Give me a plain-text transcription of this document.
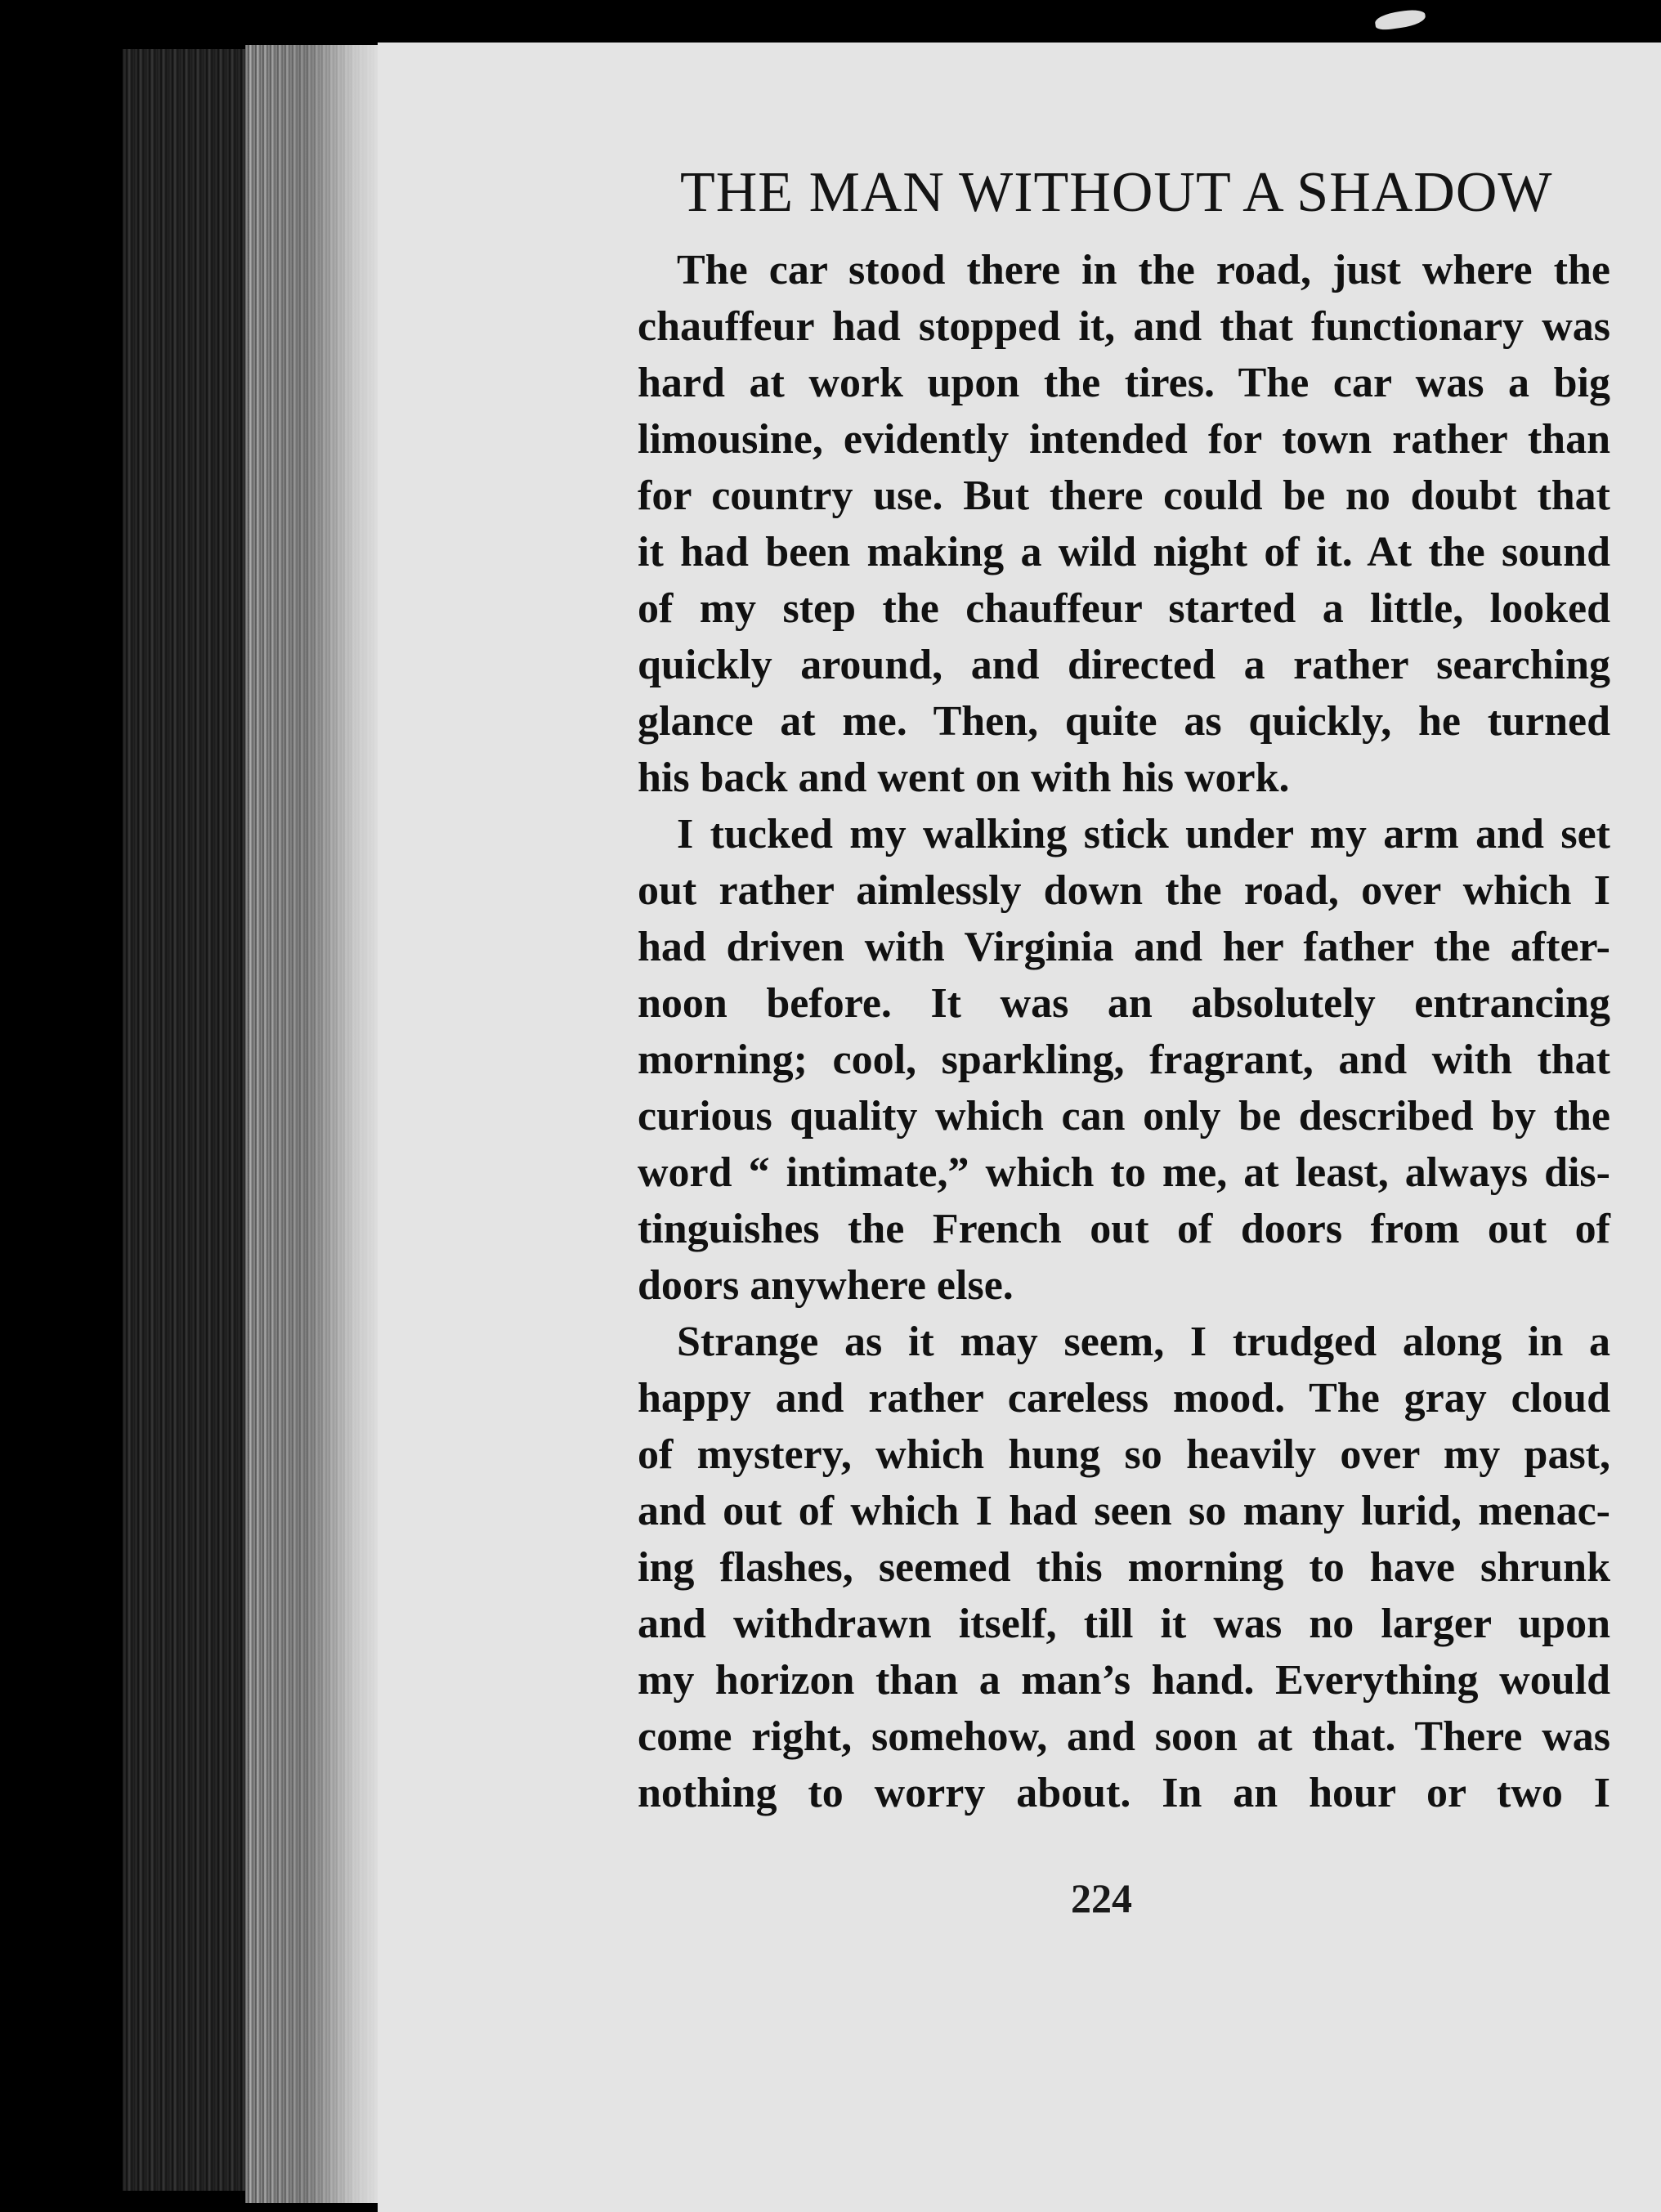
THE MAN WITHOUT A SHADOW

The car stood there in the road, just where the
chauffeur had stopped it, and that functionary was
hard at work upon the tires. The car was a big
limousine, evidently intended for town rather than
for country use. But there could be no doubt that
it had been making a wild night of it. At the sound
of my step the chauffeur started a little, looked
quickly around, and directed a rather searching
glance at me. Then, quite as quickly, he turned
his back and went on with his work.

I tucked my walking stick under my arm and set
out rather aimlessly down the road, over which I
had driven with Virginia and her father the after-
noon before. It was an absolutely entrancing
morning; cool, sparkling, fragrant, and with that
curious quality which can only be described by the
word “ intimate,” which to me, at least, always dis-
tinguishes the French out of doors from out of
doors anywhere else.

Strange as it may seem, I trudged along in a
happy and rather careless mood. The gray cloud
of mystery, which hung so heavily over my past,
and out of which I had seen so many lurid, menac-
ing flashes, seemed this morning to have shrunk
and withdrawn itself, till it was no larger upon
my horizon than a man’s hand. Everything would
come right, somehow, and soon at that. There was
nothing to worry about. In an hour or two I

224
